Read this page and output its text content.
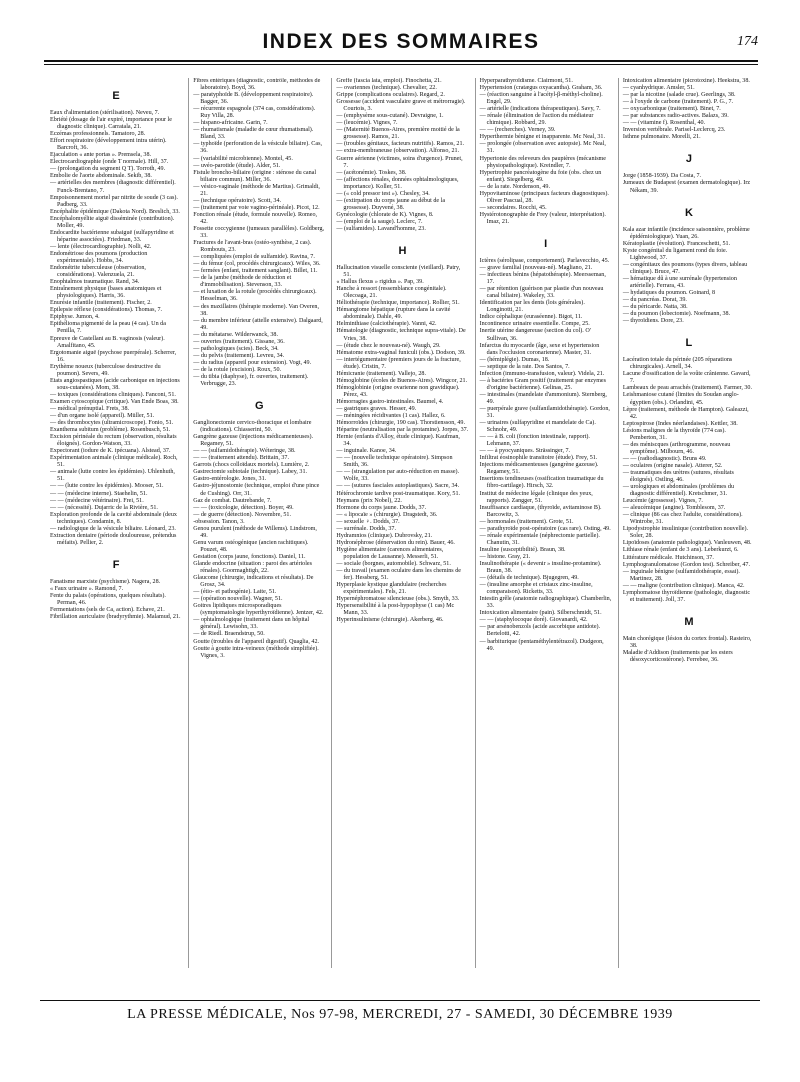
INDEX DES SOMMAIRES	174
E
Eaux d'alimentation (stérilisation). Neveu, 7.
Ebriété (dosage de l'air expiré, importance pour le diagnostic clinique). Carratala, 21.
Eczémas professionnels. Tamatoro, 28.
Effort respiratoire (développement intra utérin). Barcroft, 36.
Ejaculation « ante portas ». Premsela, 38.
Electrocardiographie (onde T normale). Hill, 37.
— (prolongation du segment Q T). Torroth, 49.
Embolie de l'aorte abdominale. Sekib, 38.
— artérielles des membres (diagnostic différentiel). Funck-Brentano, 7.
Empoisonnement mortel par nitrite de soude (3 cas). Padberg, 33.
Encéphalite épidémique (Dakota Nord). Breslich, 33.
Encéphalomyélite aiguë disséminée (contribution). Moller, 49.
Endocardite bactérienne subaiguë (sulfapyridine et héparine associées). Friedman, 33.
— lente (électrocardiographie). Nolli, 42.
Endométriose des poumons (production expérimentale). Hobbs, 34.
Endométrite tuberculeuse (observation, considérations). Valenzuela, 21.
Enophtalmos traumatique. Rand, 34.
Entraînement physique (bases anatomiques et physiologiques). Harris, 36.
Enurésie infantile (traitement). Fischer, 2.
Epilepsie réflexe (considérations). Thomas, 7.
Epiphyse. Jumon, 4.
Epithélioma pigmenté de la peau (4 cas). Un da Penilla, 7.
Epreuve de Castellani au B. vaginosis (valeur). Amalfitano, 45.
Ergotomanie aiguë (psychose puerpérale). Scherrer, 16.
Erythème noueux (tuberculose destructive du poumon). Severs, 49.
Etats angiospastiques (acide carbonique en injections sous-cutanées). Mom, 38.
— toxiques (considérations cliniques). Fanconi, 51.
Examen cytoscopique (critique). Van Ende Boas, 38.
— médical prénuptial. Frets, 38.
— d'un organe isolé (appareil). Müller, 51.
— des thrombocytes (ultramicroscope). Fonio, 51.
Exanthema subitum (problème). Rosenbusch, 51.
Excision périnéale du rectum (observation, résultats éloignés). Gordon-Watson, 33.
Expectorant (iodure de K. ipécuana). Alstead, 37.
Expérimentation animale (clinique médicale). Roch, 51.
— animale (lutte contre les épidémies). Uhlenhuth, 51.
— — (lutte contre les épidémies). Mooser, 51.
— — (médecine interne). Staehelin, 51.
— — (médecine vétérinaire). Frei, 51.
— — (nécessité). Dujarric de la Rivière, 51.
Exploration profonde de la cavité abdominale (deux techniques). Condamin, 8.
— radiologique de la vésicule biliaire. Léonard, 23.
Extraction dentaire (période douloureuse, prétendus méfaits). Pellier, 2.
F
Fanatisme marxiste (psychisme). Nagera, 28.
« Faux urinaire ». Ramond, 7.
Fente du palais (opérations, quelques résultats). Perman, 46.
Fermentations (sels de Ca, action). Echave, 21.
Fibrillation auriculaire (bradyrythmie). Malamud, 21.
Fibres entériques (diagnostic, contrôle, méthodes de laboratoire). Boyd, 36.
— paratyphoïde B. (développement respiratoire). Bagger, 36.
— récurrente espagnole (374 cas, considérations). Ruy Villa, 28.
— hispano-africaine. Garin, 7.
— rhumatismale (maladie de cœur rhumatismal). Bland, 33.
— typhoïde (perforation de la vésicule biliaire). Cas, 36.
— (variabilité microbienne). Montel, 45.
— uvéo-parotide (étude). Alder, 51.
Fistule broncho-biliaire (origine : sténose du canal biliaire commun). Miller, 36.
— vésico-vaginale (méthode de Martius). Grimaldi, 21.
— (technique opératoire). Scott, 34.
— (traitement par voie vagino-périnéale). Picot, 12.
Fonction rénale (étude, formule nouvelle). Romeo, 42.
Fossette coccygienne (jumeaux parallèles). Goldberg, 33.
Fractures de l'avant-bras (ostéo-synthèse, 2 cas). Rombouts, 23.
— compliquées (emploi de sulfamide). Ravina, 7.
— du fémur (col, procédés chirurgicaux). Wiles, 36.
— fermées (enfant, traitement sanglant). Billet, 11.
— de la jambe (méthode de réduction et d'immobilisation). Stevenson, 33.
— et luxation de la rotule (procédés chirurgicaux). Hesselman, 36.
— des maxillaires (thérapie moderne). Van Overen, 38.
— du membre inférieur (attelle extensive). Dalgaard, 49.
— du métatarse. Wilderwanck, 38.
— ouvertes (traitement). Gissane, 36.
— pathologiques (scies). Beck, 34.
— du pelvis (traitement). Levreu, 34.
— du radius (appareil pour extension). Vogt, 49.
— de la rotule (excision). Roux, 50.
— du tibia (diaphyse), fr. ouvertes, traitement). Verbrugge, 23.
G
Ganglionectomie cervico-thoracique et lombaire (indications). Chiasserini, 50.
Gangrène gazeuse (injections médicamenteuses). Regamey, 51.
— — (sulfamidothérapie). Wéteringe, 38.
— — (traitement attendu). Brittain, 37.
Garrots (chocs colloïdaux mortels). Lumière, 2.
Gastrectomie subtotale (technique). Labey, 31.
Gastro-entérologie. Jones, 31.
Gastro-jéjunostomie (technique, emploi d'une pince de Cushing). Orr, 31.
Gaz de combat. Dautrebande, 7.
— — (toxicologie, détection). Boyer, 49.
— de guerre (détection). Novembre, 51.
-obsession. Tanon, 3.
Genou purulent (méthode de Willems). Lindstrom, 49.
Genu varum ostéogénique (ancien rachitiques). Pouzet, 48.
Gestation (corps jaune, fonctions). Daniel, 11.
Glande endocrine (situation : paroi des artérioles rénales). Goormaghtigh, 22.
Glaucome (chirurgie, indications et résultats). De Grosz, 34.
— (étio- et pathogénie). Laite, 51.
— (opération nouvelle). Wagner, 51.
Goitres lipidiques microsporadiques (symptomatologie hyperthyroïdienne). Jentzer, 42.
— ophtalmologique (traitement dans un hôpital général). Lewisohn, 33.
— de Riedl. Braendstrup, 50.
Goutte (troubles de l'appareil digestif). Quaglia, 42.
Goutte à goutte intra-veineux (méthode simplifiée). Vignes, 3.
Greffe (fascia lata, emploi). Finochetta, 21.
— ovariennes (technique). Chevalier, 22.
Grippe (complications oculaires). Regard, 2.
Grossesse (accident vasculaire grave et métrorragie). Courtois, 3.
— (emphysème sous-cutané). Devraigne, 1.
— (leucémie). Vignes, 7.
— (Maternité Buenos-Aires, première moitié de la grossesse). Ramos, 21.
— (troubles génitaux, facteurs nutritifs). Ramos, 21.
— extra-membraneuse (observation). Alfonso, 21.
Guerre aérienne (victimes, soins d'urgence). Prunet, 7.
— (acétonémie). Toskes, 38.
— (affections rénales, données ophtalmologiques, importance). Koller, 51.
— (« cold pressor test »). Chesley, 34.
— (extirpation du corps jaune au début de la grossesse). Duyvené, 38.
Gynécologie (chlorate de K). Vignes, 8.
— (emploi de la sauge). Leclerc, 7.
— (sulfamides). Lavand'homme, 23.
H
Hallucination visuelle consciente (vieillard). Patry, 51.
« Hallus flexus » rigidus ». Pap, 39.
Hanche à ressort (ressemblance congénitale). Olecoaga, 21.
Héliothérapie (technique, importance). Rollier, 51.
Hémangiome hépatique (rupture dans la cavité abdominale). Dahle, 49.
Helminthiase (calciothérapie). Vanni, 42.
Hématologie (diagnostic, technique supra-vitale). De Vries, 38.
— (étude chez le nouveau-né). Waugh, 29.
Hématome extra-vaginal funiculi (obs.). Dodson, 39.
— intertégumentaire (premiers jours de la fracture, étude). Cristin, 7.
Hémicranie (traitement). Vallejo, 28.
Hémoglobine (écoles de Buenos-Aires). Wingcor, 21.
Hémoglobinie (origine ovarienne non gravidique). Pérez, 43.
Hémorragies gastro-intestinales. Baumel, 4.
— gastriques graves. Hesser, 49.
— méningées récidivantes (1 cas). Hallez, 6.
Hémorroïdes (chirurgie, 190 cas). Thorstiensson, 49.
Héparine (neutralisation par la protamine). Jorpes, 37.
Hernie (enfants d'Alloy, étude clinique). Kaufman, 34.
— inguinale. Kanoe, 34.
— — (nouvelle technique opératoire). Simpson Smith, 36.
— — (strangulation par auto-réduction en masse). Wolfe, 33.
— — (sutures fasciales autoplastiques). Sacre, 34.
Hétérochromie tardive post-traumatique. Kory, 51.
Heymans (prix Nobel), 22.
Hormone du corps jaune. Dodds, 37.
— « lipocaïe » (chirurgie). Dragstedt, 36.
— sexuelle ♀. Dodds, 37.
— surrénale. Dodds, 37.
Hydramnios (clinique). Dubrovsky, 21.
Hydronéphrose (dénervation du rein). Bauer, 46.
Hygiène alimentaire (carences alimentaires, population de Lausanne). Messerli, 51.
— sociale (borgnes, automobile). Schwarz, 51.
— du travail (examen oculaire dans les chemins de fer). Hessberg, 51.
Hyperplasie kystique glandulaire (recherches expérimentales). Fels, 21.
Hypernéphromatose silencieuse (obs.). Smyth, 33.
Hypersensibilité à la post-hypophyse (1 cas) Mc Mann, 33.
Hyperinsulinisme (chirurgie). Akerberg, 46.
Hyperparathyroïdisme. Clairmont, 51.
Hypertension (cratægus oxyacantha). Graham, 36.
— (réaction sanguine à l'acétyl-β-méthyl-choline). Engel, 29.
— artérielle (indications thérapeutiques). Savy, 7.
— rénale (élimination de l'action du médiateur chimique). Robbard, 29.
— — (recherches). Verney, 39.
Hyperthermie bénigne et inapparente. Mc Neal, 31.
— prolongée (observation avec autopsie). Mc Neal, 31.
Hypertonie des releveurs des paupières (mécanisme physiopathologique). Kreindler, 7.
Hypertrophie pancréatogène du foie (obs. chez un enfant). Siegelberg, 49.
— de la rate. Nordenson, 49.
Hypovitaminose (principaux facteurs diagnostiques). Oliver Pascual, 28.
— secondaires. Rocchi, 45.
Hystérotonographie de Frey (valeur, interprétation). Imaz, 21.
I
Ictères (sérolipase, comportement). Parlavecchio, 45.
— grave familial (nouveau-né). Magliano, 21.
— infectieux bénins (hépatothérapie). Meersseman, 17.
— par rétention (guérison par plastie d'un nouveau canal biliaire). Wakeley, 33.
Identification par les dents (lois générales). Longinotti, 21.
Indice céphalique (euraséenne). Bigot, 11.
Incontinence urinaire essentielle. Compe, 25.
Inertie utérine dangereuse (section du col). O' Sullivan, 36.
Infarctus du myocarde (âge, sexe et hypertension dans l'occlusion coronarienne). Master, 31.
— (hémiplégie). Dumas, 18.
— septique de la rate. Dos Santos, 7.
Infection (immuno-transfusion, valeur). Videla, 21.
— à bactéries Gram positif (traitement par enzymes d'origine bactérienne). Gelinas, 25.
— intestinales (mandelate d'ammonium). Sternberg, 49.
— puerpérale grave (sulfanilamidothérapie). Gordon, 31.
— urinaires (sulfapyridine et mandelate de Ca). Schnohr, 49.
— — à B. coli (fonction intestinale, rapport). Lehmann, 37.
— — à pyocyaniques. Strässinger, 7.
Infiltrat éosinophile transitoire (étude). Frey, 51.
Injections médicamenteuses (gangrène gazeuse). Regamey, 51.
Insertions tendineuses (ossification traumatique du fibro-cartilage). Hirsch, 32.
Institut de médecine légale (clinique des yeux, rapports). Zangger, 51.
Insuffisance cardiaque, (thyroïde, avitaminose B). Barcowitz, 3.
— hormonales (traitement). Grote, 51.
— parathyroïde post-opératoire (cas rare). Osting, 49.
— rénale expérimentale (néphrectomie partielle). Chanutin, 31.
Insuline (susceptibilité). Braun, 38.
— histone. Gray, 21.
Insulinothérapie (« devenir » insuline-protamine). Braun, 38.
— (détails de technique). Bjugegren, 49.
— (insuline amorphe et cristaux zinc-insuline, comparaison). Ricketts, 33.
Intestin grêle (anatomie radiographique). Chamberlin, 33.
Intoxication alimentaire (pain). Silberschmidt, 51.
— — (staphylocoque doré). Giovanardi, 42.
— par arsénobenzols (acide ascorbique antidote). Bertelotti, 42.
— barbiturique (pentaméthylentétrazol). Dudgeon, 49.
Intoxication alimentaire (picrotoxine). Heekstra, 38.
— cyanhydrique. Amsler, 51.
— par la nicotine (salade crue). Geerlings, 38.
— à l'oxyde de carbone (traitement). P. G., 7.
— oxycarbonique (traitement). Binet, 7.
— par substances radio-actives. Balazs, 39.
— — (vitamine f). Rosenthal, 40.
Inversion vertébrale. Parisel-Leclercq, 23.
Isthme pulmonaire. Morelli, 21.
J
Jorge (1858-1939). Da Costa, 7.
Jumeaux de Budapest (examen dermatologique). Irz Nékam, 39.
K
Kala azar infantile (incidence saisonnière, problème épidémiologique). Yuan, 26.
Kératoplastie (évolution). Franceschetti, 51.
Kyste congénital du ligament rond du foie. Lightwood, 37.
— congénitaux des poumons (types divers, tableau clinique). Bruce, 47.
— hématique dû à une surrénale (hypertension artérielle). Ferrara, 43.
— hydatiques du poumon. Goinard, 8
— du pancréas. Dorat, 39.
— du péricarde. Natta, 38.
— du poumon (lobectomie). Noefmann, 38.
— thyroïdiens. Dore, 23.
L
Lacération totale du périnée (205 réparations chirurgicales). Arnell, 34.
Lacune d'ossification de la voûte crânienne. Gavard, 7.
Lambeaux de peau arrachés (traitement). Farmer, 30.
Leishmaniose cutané (limites du Soudan anglo-égyptien (obs.). Orlandini, 45.
Lèpre (traitement, méthode de Hampton). Galeazzi, 42.
Leptospirose (Indes néerlandaises). Kettler, 38.
Lésions malignes de la thyroïde (774 cas). Pemberton, 31.
— des méniscques (arthrogramme, nouveau symptôme). Milbourn, 46.
— — (radiodiagnostic). Bruns 49.
— oculaires (origine nasale). Atterer, 52.
— traumatiques des urètres (sutures, résultats éloignés). Ostling, 46.
— urologiques et abdominales (problèmes du diagnostic différentiel). Kretschmer, 31.
Leucémie (grossesse). Vignes, 7.
— aleucémique (angine). Tomblesom, 37.
— clinique (86 cas chez l'adulte, considérations). Wintrobe, 31.
Lipodystrophie insulinique (contribution nouvelle). Soler, 28.
Lipoïdoses (anatomie pathologique). Vanleuwen, 48.
Lithiase rénale (enfant de 3 ans). Leberkurzt, 6.
Littérature médicale. Hutchinson, 37.
Lymphogranulomatose (Gordon test). Schreiber, 47.
— inguinale bénigne (sulfamidothérapie, essai). Martinez, 28.
— — maligne (contribution clinique). Manca, 42.
Lymphomatose thyroïdienne (pathologie, diagnostic et traitement). Joll, 37.
M
Main chorégique (lésion du cortex frontal). Rasteiro, 38.
Maladie d'Addison (traitements par les esters désoxycorticostérone). Ferrebee, 36.
LA PRESSE MÉDICALE, Nos 97-98, MERCREDI, 27 - SAMEDI, 30 DÉCEMBRE 1939
